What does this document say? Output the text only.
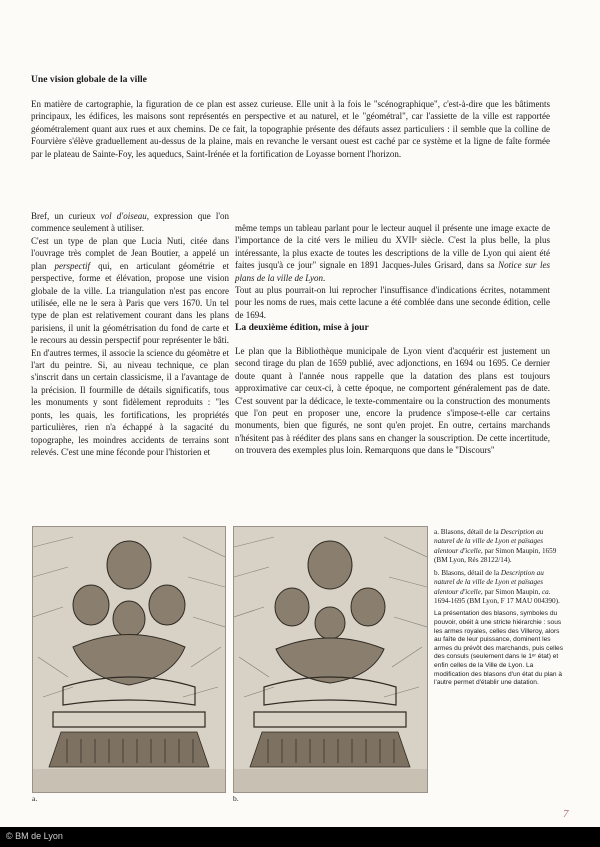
Une vision globale de la ville

En matière de cartographie, la figuration de ce plan est assez curieuse. Elle unit à la fois le "scénographique", c'est-à-dire que les bâtiments principaux, les édifices, les maisons sont représentés en perspective et au naturel, et le "géométral", car l'assiette de la ville est rapportée géométralement quant aux rues et aux chemins. De ce fait, la topographie présente des défauts assez particuliers : il semble que la colline de Fourvière s'élève graduellement au-dessus de la plaine, mais en revanche le versant ouest est caché par ce système et la ligne de faîte formée par le plateau de Sainte-Foy, les aqueducs, Saint-Irénée et la fortification de Loyasse bornent l'horizon.

Bref, un curieux vol d'oiseau, expression que l'on commence seulement à utiliser.

C'est un type de plan que Lucia Nuti, citée dans l'ouvrage très complet de Jean Boutier, a appelé un plan perspectif qui, en articulant géométrie et perspective, forme et élévation, propose une vision globale de la ville. La triangulation n'est pas encore utilisée, elle ne le sera à Paris que vers 1670. Un tel type de plan est relativement courant dans les plans parisiens, il unit la géométrisation du fond de carte et le recours au dessin perspectif pour représenter le bâti. En d'autres termes, il associe la science du géomètre et l'art du peintre. Si, au niveau technique, ce plan s'inscrit dans un certain classicisme, il a l'avantage de la précision. Il fourmille de détails significatifs, tous les monuments y sont fidèlement reproduits : "les ponts, les quais, les fortifications, les propriétés particulières, rien n'a échappé à la sagacité du topographe, les moindres accidents de terrains sont relevés. C'est une mine féconde pour l'historien et

même temps un tableau parlant pour le lecteur auquel il présente une image exacte de l'importance de la cité vers le milieu du XVIIᵉ siècle. C'est la plus belle, la plus intéressante, la plus exacte de toutes les descriptions de la ville de Lyon qui aient été faites jusqu'à ce jour" signale en 1891 Jacques-Jules Grisard, dans sa Notice sur les plans de la ville de Lyon.

Tout au plus pourrait-on lui reprocher l'insuffisance d'indications écrites, notamment pour les noms de rues, mais cette lacune a été comblée dans une seconde édition, celle de 1694.

La deuxième édition, mise à jour

Le plan que la Bibliothèque municipale de Lyon vient d'acquérir est justement un second tirage du plan de 1659 publié, avec adjonctions, en 1694 ou 1695. Ce dernier doute quant à l'année nous rappelle que la datation des plans est toujours approximative car ceux-ci, à cette époque, ne comportent généralement pas de date. C'est souvent par la dédicace, le texte-commentaire ou la construction des monuments que l'on peut en proposer une, encore la prudence s'impose-t-elle car certains monuments, bien que figurés, ne sont qu'en projet. En outre, certains marchands n'hésitent pas à rééditer des plans sans en changer la souscription. De cette incertitude, on trouvera des exemples plus loin. Remarquons que dans le "Discours"

a.	b.

a. Blasons, détail de la Description au naturel de la ville de Lyon et païsages alentour d'icelle, par Simon Maupin, 1659 (BM Lyon, Rés 28122/14).

b. Blasons, détail de la Description au naturel de la ville de Lyon et païsages alentour d'icelle, par Simon Maupin, ca. 1694-1695 (BM Lyon, F 17 MAU 004390).

La présentation des blasons, symboles du pouvoir, obéit à une stricte hiérarchie : sous les armes royales, celles des Villeroy, alors au faîte de leur puissance, dominent les armes du prévôt des marchands, puis celles des consuls (seulement dans le 1ᵉʳ état) et enfin celles de la Ville de Lyon. La modification des blasons d'un état du plan à l'autre permet d'établir une datation.

7
© BM de Lyon
